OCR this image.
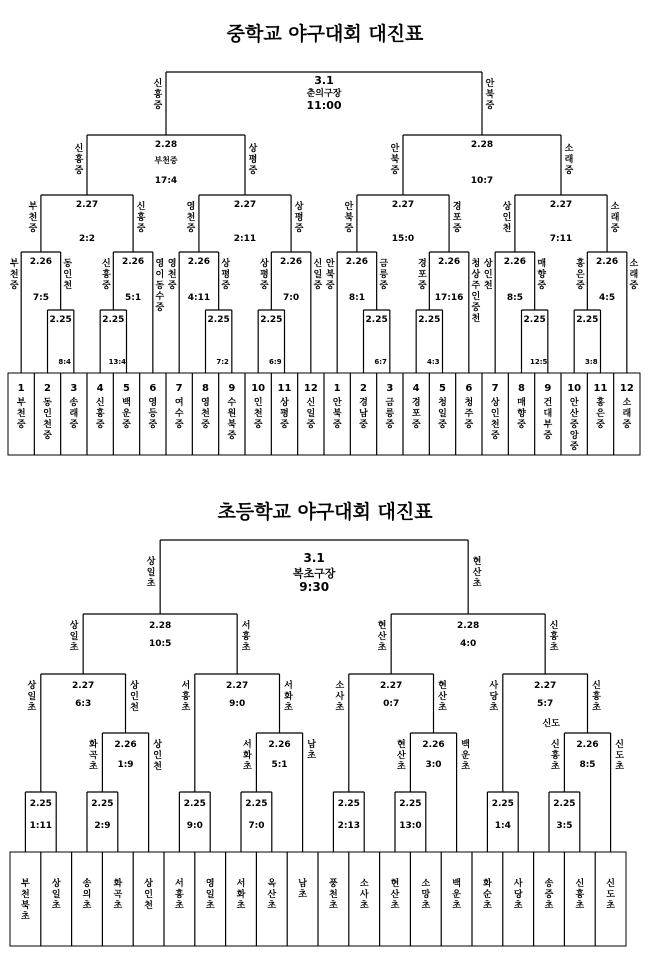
중학교 야구대회 대진표
1
부
천
중
2
동
인
천
중
3
송
래
중
4
신
흥
중
5
백
운
중
6
영
등
중
7
여
수
중
8
영
천
중
9
수
원
북
중
10
인
천
중
11
상
평
중
12
신
일
중
1
안
북
중
2
경
남
중
3
금
릉
중
4
경
포
중
5
청
일
중
6
청
주
중
7
상
인
천
중
8
매
향
중
9
건
대
부
중
10
안
산
중
앙
중
11
홍
은
중
12
소
래
중
2.25
8:4
2.25
13:4
2.25
7:2
2.25
6:9
2.25
6:7
2.25
4:3
2.25
12:5
2.25
3:8
2.26
7:5
부
천
중
동
인
천
2.26
5:1
신
흥
중
영
이
동
수
중
2.26
4:11
영
천
중
상
평
중
2.26
7:0
상
평
중
신
일
중
2.26
8:1
안
북
중
금
릉
중
2.26
17:16
경
포
중
청
상
주
인
중
천
2.26
8:5
상
인
천
매
향
중
2.26
4:5
홍
은
중
소
래
중
2.27
2:2
부
천
중
신
흥
중
2.27
2:11
영
천
중
상
평
중
2.27
15:0
안
북
중
경
포
중
2.27
7:11
상
인
천
소
래
중
2.28
부천중
17:4
신
흥
중
상
평
중
2.28
10:7
안
북
중
소
래
중
3.1
춘의구장
11:00
신
흥
중
안
북
중
초등학교 야구대회 대진표
부
천
북
초
상
일
초
송
의
초
화
곡
초
상
인
천
서
흥
초
영
일
초
서
화
초
옥
산
초
남
초
풍
천
초
소
사
초
현
산
초
소
망
초
백
운
초
화
순
초
사
당
초
송
중
초
신
흥
초
신
도
초
2.25
1:11
2.25
2:9
2.25
9:0
2.25
7:0
2.25
2:13
2.25
13:0
2.25
1:4
2.25
3:5
2.26
1:9
화
곡
초
상
인
천
2.26
5:1
서
화
초
남
초
2.26
3:0
현
산
초
백
운
초
2.26
8:5
신
흥
초
신
도
초
2.27
6:3
상
일
초
상
인
천
2.27
9:0
서
흥
초
서
화
초
2.27
0:7
소
사
초
현
산
초
2.27
5:7
신도
사
당
초
신
흥
초
2.28
10:5
상
일
초
서
흥
초
2.28
4:0
현
산
초
신
흥
초
3.1
복초구장
9:30
상
일
초
현
산
초
